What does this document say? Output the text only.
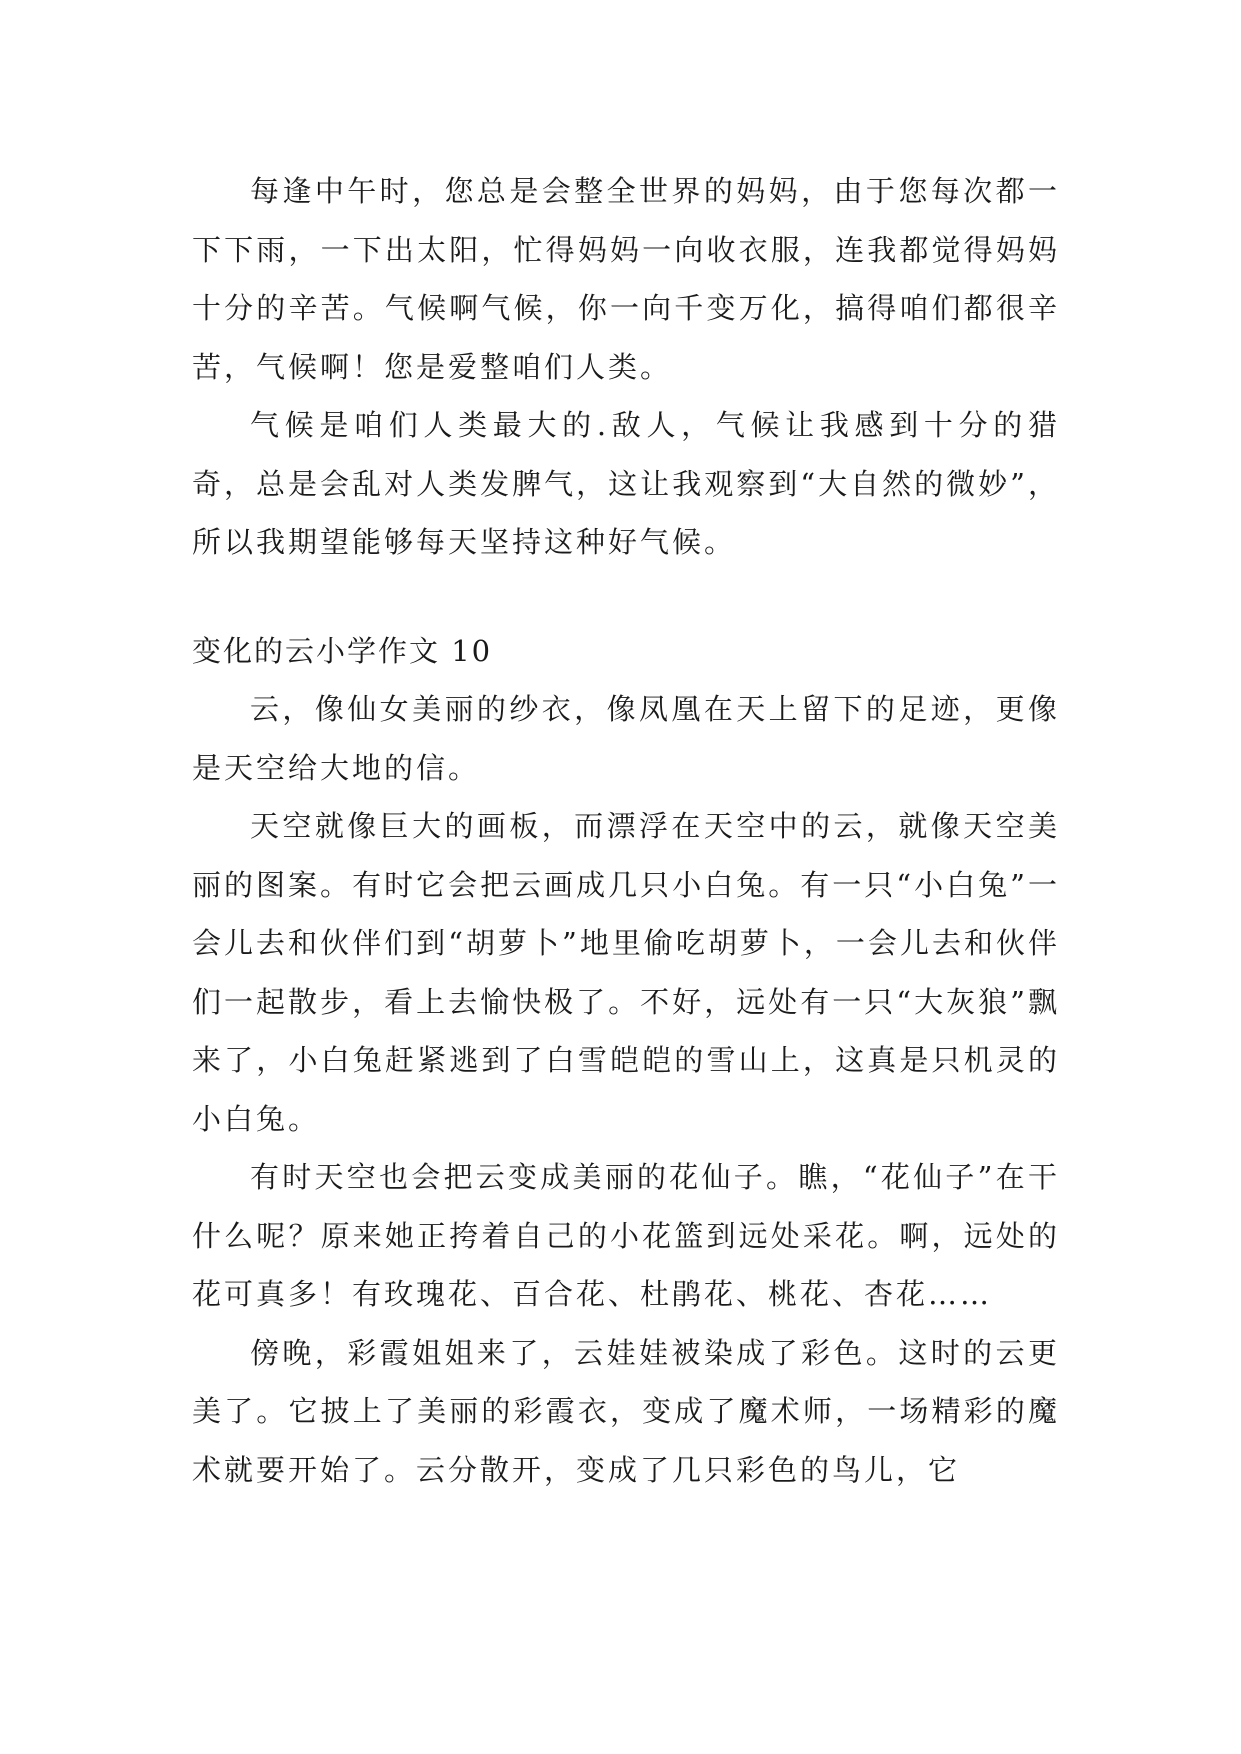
每逢中午时，您总是会整全世界的妈妈，由于您每次都一下下雨，一下出太阳，忙得妈妈一向收衣服，连我都觉得妈妈十分的辛苦。气候啊气候，你一向千变万化，搞得咱们都很辛苦，气候啊！您是爱整咱们人类。

气候是咱们人类最大的.敌人，气候让我感到十分的猎奇，总是会乱对人类发脾气，这让我观察到“大自然的微妙”，所以我期望能够每天坚持这种好气候。

变化的云小学作文 10

云，像仙女美丽的纱衣，像凤凰在天上留下的足迹，更像是天空给大地的信。

天空就像巨大的画板，而漂浮在天空中的云，就像天空美丽的图案。有时它会把云画成几只小白兔。有一只“小白兔”一会儿去和伙伴们到“胡萝卜”地里偷吃胡萝卜，一会儿去和伙伴们一起散步，看上去愉快极了。不好，远处有一只“大灰狼”飘来了，小白兔赶紧逃到了白雪皑皑的雪山上，这真是只机灵的小白兔。

有时天空也会把云变成美丽的花仙子。瞧，“花仙子”在干什么呢？原来她正挎着自己的小花篮到远处采花。啊，远处的花可真多！有玫瑰花、百合花、杜鹃花、桃花、杏花……

傍晚，彩霞姐姐来了，云娃娃被染成了彩色。这时的云更美了。它披上了美丽的彩霞衣，变成了魔术师，一场精彩的魔术就要开始了。云分散开，变成了几只彩色的鸟儿，它
